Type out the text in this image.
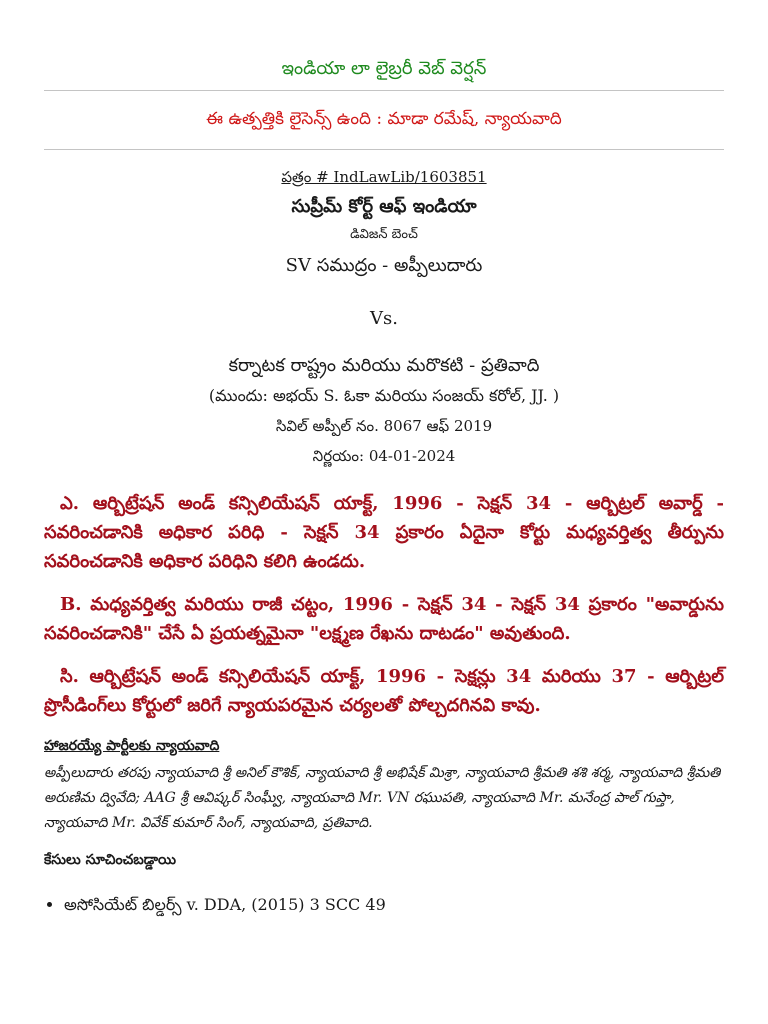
ఇండియా లా లైబ్రరీ వెబ్ వెర్షన్
ఈ ఉత్పత్తికి లైసెన్స్ ఉంది : మాడా రమేష్, న్యాయవాది
పత్రం # IndLawLib/1603851
సుప్రీమ్ కోర్ట్ ఆఫ్ ఇండియా
డివిజన్ బెంచ్
SV సముద్రం - అప్పీలుదారు
Vs.
కర్నాటక రాష్ట్రం మరియు మరొకటి - ప్రతివాది
(ముందు: అభయ్ S. ఓకా మరియు సంజయ్ కరోల్, JJ. )
సివిల్ అప్పీల్ నం. 8067 ఆఫ్ 2019
నిర్ణయం: 04-01-2024

ఎ. ఆర్బిట్రేషన్ అండ్ కన్సిలియేషన్ యాక్ట్, 1996 - సెక్షన్ 34 - ఆర్బిట్రల్ అవార్డ్ - సవరించడానికి అధికార పరిధి - సెక్షన్ 34 ప్రకారం ఏదైనా కోర్టు మధ్యవర్తిత్వ తీర్పును సవరించడానికి అధికార పరిధిని కలిగి ఉండదు.

B. మధ్యవర్తిత్వ మరియు రాజీ చట్టం, 1996 - సెక్షన్ 34 - సెక్షన్ 34 ప్రకారం "అవార్డును సవరించడానికి" చేసే ఏ ప్రయత్నమైనా "లక్ష్మణ రేఖను దాటడం" అవుతుంది.

సి. ఆర్బిట్రేషన్ అండ్ కన్సిలియేషన్ యాక్ట్, 1996 - సెక్షన్లు 34 మరియు 37 - ఆర్బిట్రల్ ప్రొసీడింగ్‌లు కోర్టులో జరిగే న్యాయపరమైన చర్యలతో పోల్చదగినవి కావు.

హాజరయ్యే పార్టీలకు న్యాయవాది
అప్పీలుదారు తరపు న్యాయవాది శ్రీ అనిల్ కౌశిక్, న్యాయవాది శ్రీ అభిషేక్ మిశ్రా, న్యాయవాది శ్రీమతి శశి శర్మ, న్యాయవాది శ్రీమతి అరుణిమ ద్వివేది; AAG శ్రీ ఆవిష్కర్ సింఘ్వీ, న్యాయవాది Mr. VN రఘుపతి, న్యాయవాది Mr. మనేంద్ర పాల్ గుప్తా, న్యాయవాది Mr. వివేక్ కుమార్ సింగ్, న్యాయవాది, ప్రతివాది.
కేసులు సూచించబడ్డాయి
• అసోసియేట్ బిల్డర్స్ v. DDA, (2015) 3 SCC 49
